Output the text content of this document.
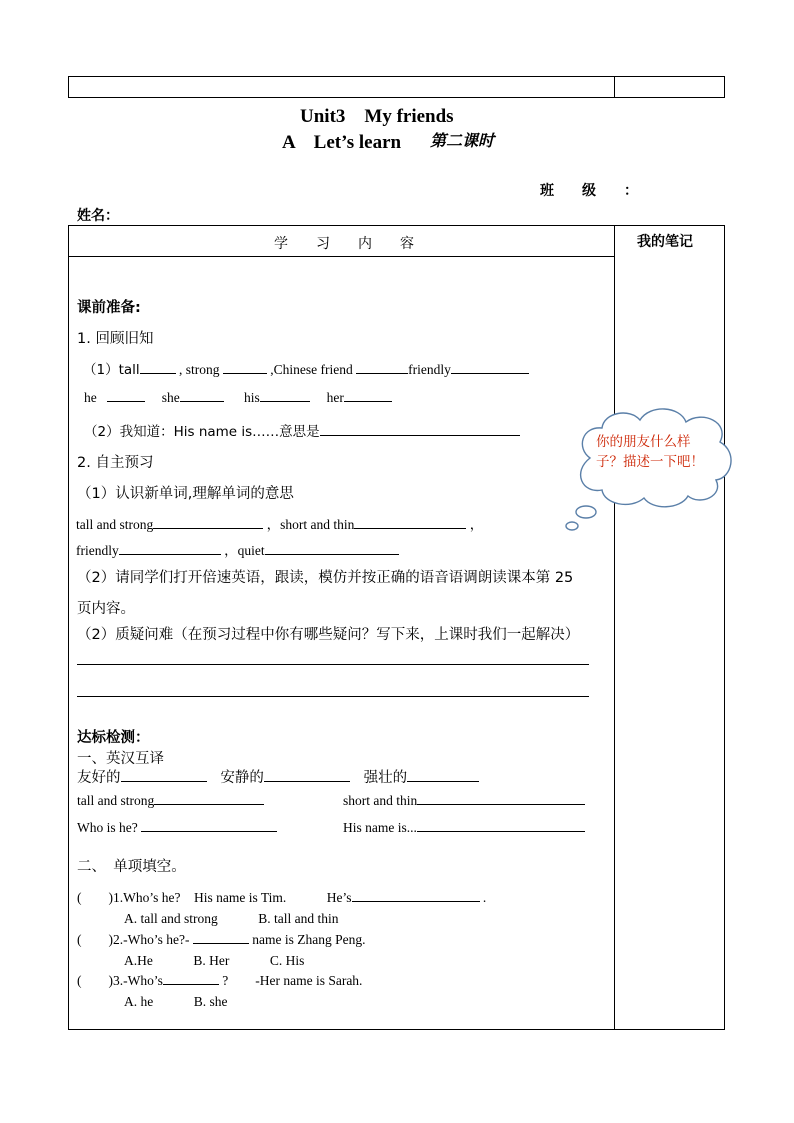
Unit3　My friends
A　Let’s learn 第二课时
班　　级　　：
姓名：
学　　习　　内　　容	我的笔记
课前准备:
1. 回顾旧知
（1）tall	, strong	,Chinese friend	friendly
he	she	his	her
（2）我知道：His name is……意思是
2. 自主预习
（1）认识新单词,理解单词的意思
tall and strong	，short and thin	，
friendly	，quiet
（2）请同学们打开倍速英语，跟读，模仿并按正确的语音语调朗读课本第 25
页内容。
（2）质疑问难（在预习过程中你有哪些疑问？写下来，上课时我们一起解决）
你的朋友什么样子？描述一下吧！
达标检测：
一、英汉互译
友好的	安静的	强壮的
tall and strong	short and thin
Who is he?	His name is...
二、　单项填空。
(　　)1.Who’s he?　His name is Tim.　　　He’s	.
A. tall and strong　　　B. tall and thin
(　　)2.-Who’s he?-	name is Zhang Peng.
A.He　　　B. Her　　　C. His
(　　)3.-Who’s	?　　-Her name is Sarah.
A. he　　　B. she
